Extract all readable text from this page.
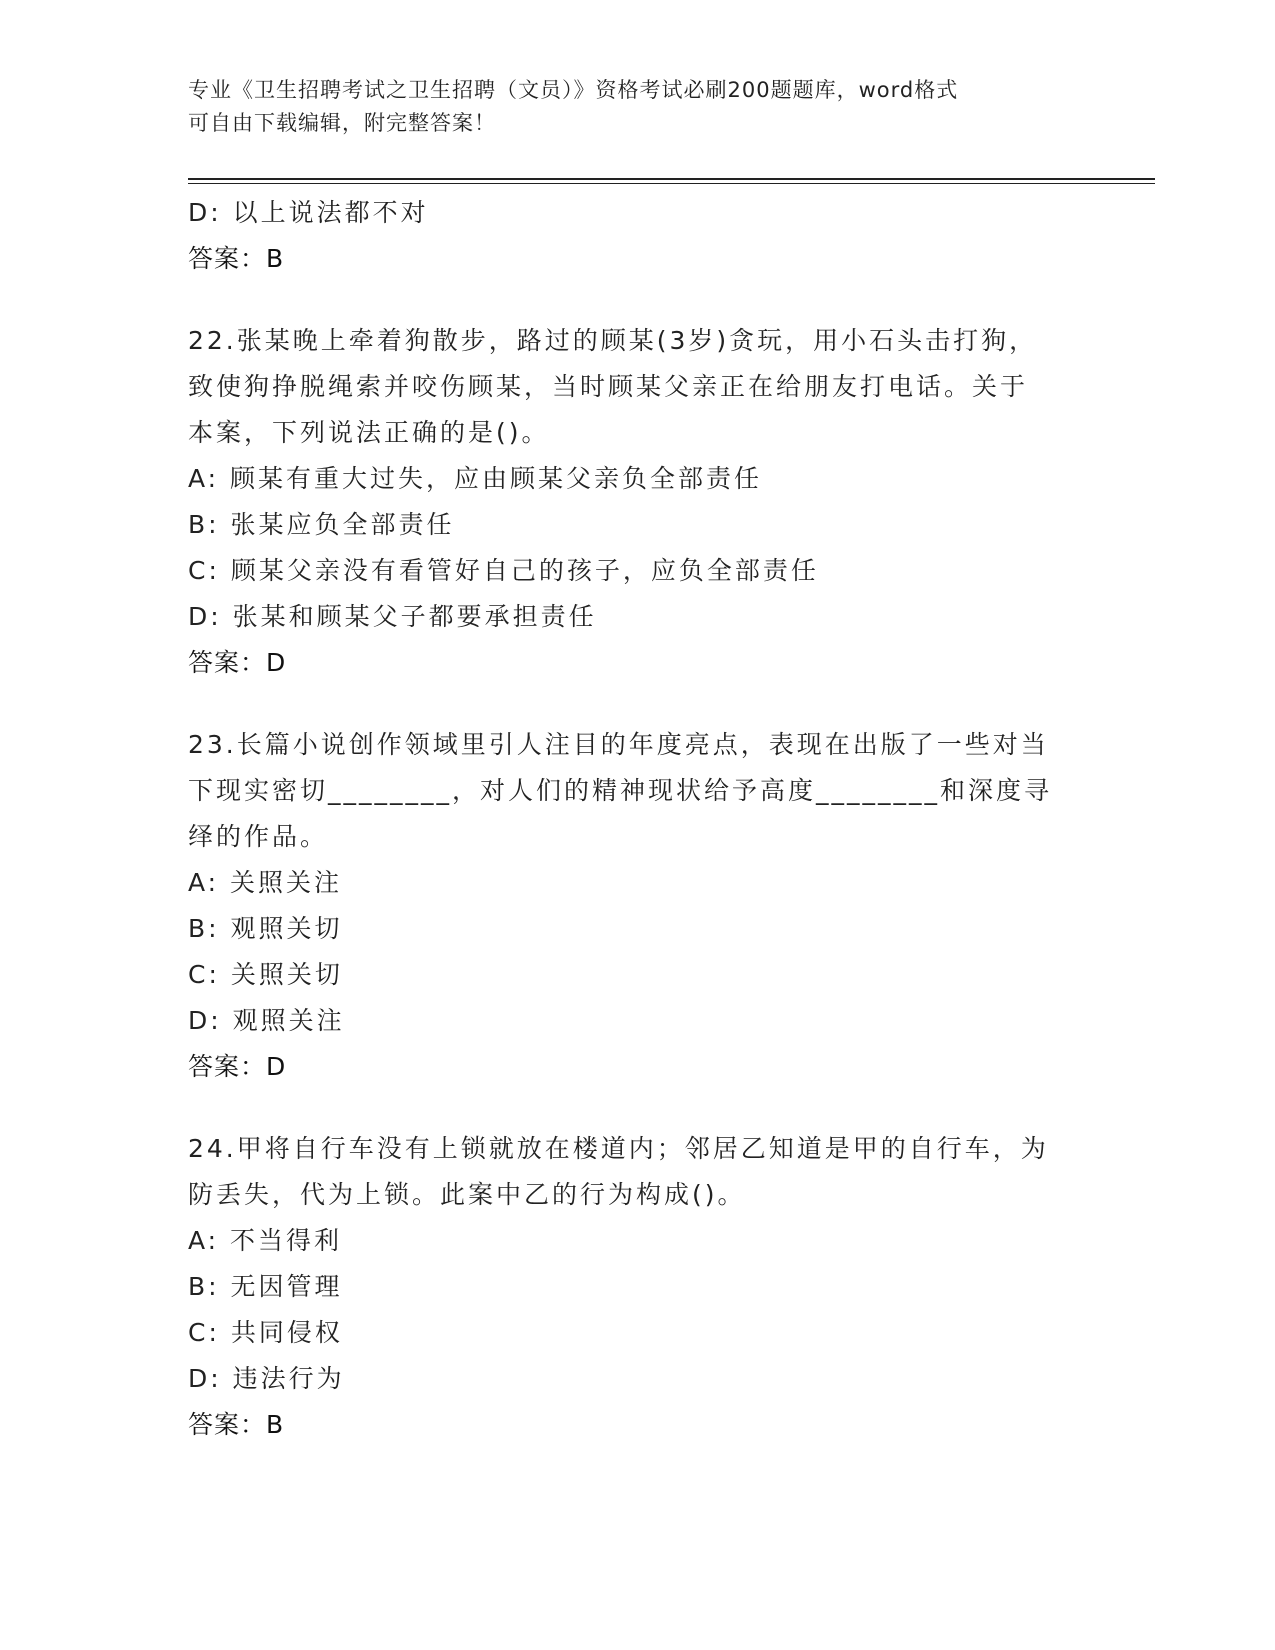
专业《卫生招聘考试之卫生招聘（文员）》资格考试必刷200题题库，word格式
可自由下载编辑，附完整答案！
D: 以上说法都不对
答案：B
22.张某晚上牵着狗散步，路过的顾某(3岁)贪玩，用小石头击打狗，
致使狗挣脱绳索并咬伤顾某，当时顾某父亲正在给朋友打电话。关于
本案，下列说法正确的是()。
A: 顾某有重大过失，应由顾某父亲负全部责任
B: 张某应负全部责任
C: 顾某父亲没有看管好自己的孩子，应负全部责任
D: 张某和顾某父子都要承担责任
答案：D
23.长篇小说创作领域里引人注目的年度亮点，表现在出版了一些对当
下现实密切________，对人们的精神现状给予高度________和深度寻
绎的作品。
A: 关照关注
B: 观照关切
C: 关照关切
D: 观照关注
答案：D
24.甲将自行车没有上锁就放在楼道内；邻居乙知道是甲的自行车，为
防丢失，代为上锁。此案中乙的行为构成()。
A: 不当得利
B: 无因管理
C: 共同侵权
D: 违法行为
答案：B
